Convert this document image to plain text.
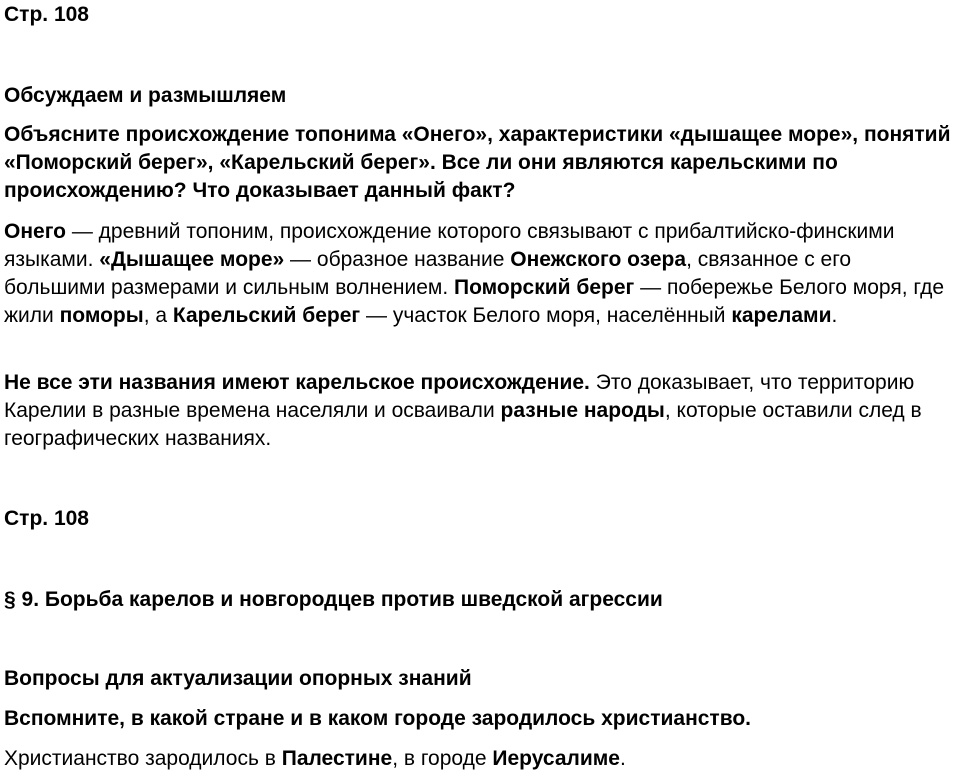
Стр. 108

Обсуждаем и размышляем

Объясните происхождение топонима «Онего», характеристики «дышащее море», понятий «Поморский берег», «Карельский берег». Все ли они являются карельскими по происхождению? Что доказывает данный факт?

Онего — древний топоним, происхождение которого связывают с прибалтийско-финскими языками. «Дышащее море» — образное название Онежского озера, связанное с его большими размерами и сильным волнением. Поморский берег — побережье Белого моря, где жили поморы, а Карельский берег — участок Белого моря, населённый карелами.

Не все эти названия имеют карельское происхождение. Это доказывает, что территорию Карелии в разные времена населяли и осваивали разные народы, которые оставили след в географических названиях.

Стр. 108

§ 9. Борьба карелов и новгородцев против шведской агрессии

Вопросы для актуализации опорных знаний

Вспомните, в какой стране и в каком городе зародилось христианство.

Христианство зародилось в Палестине, в городе Иерусалиме.
